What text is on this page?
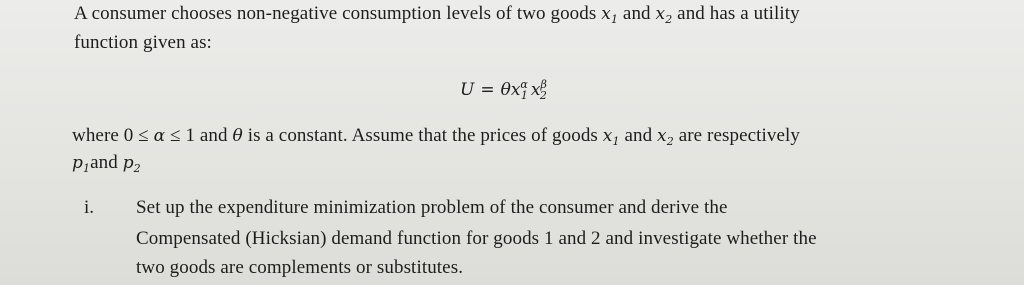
A consumer chooses non-negative consumption levels of two goods $x_1$ and $x_2$ and has a utility
function given as:
$U = \theta x^\alpha_1$ $x^\beta_2$
where 0 ≤ α ≤ 1 and θ is a constant. Assume that the prices of goods $x_1$ and $x_2$ are respectively
$p_1and$ $p_2$
i. Set up the expenditure minimization problem of the consumer and derive the
Compensated (Hicksian) demand function for goods 1 and 2 and investigate whether the
two goods are complements or substitutes.
